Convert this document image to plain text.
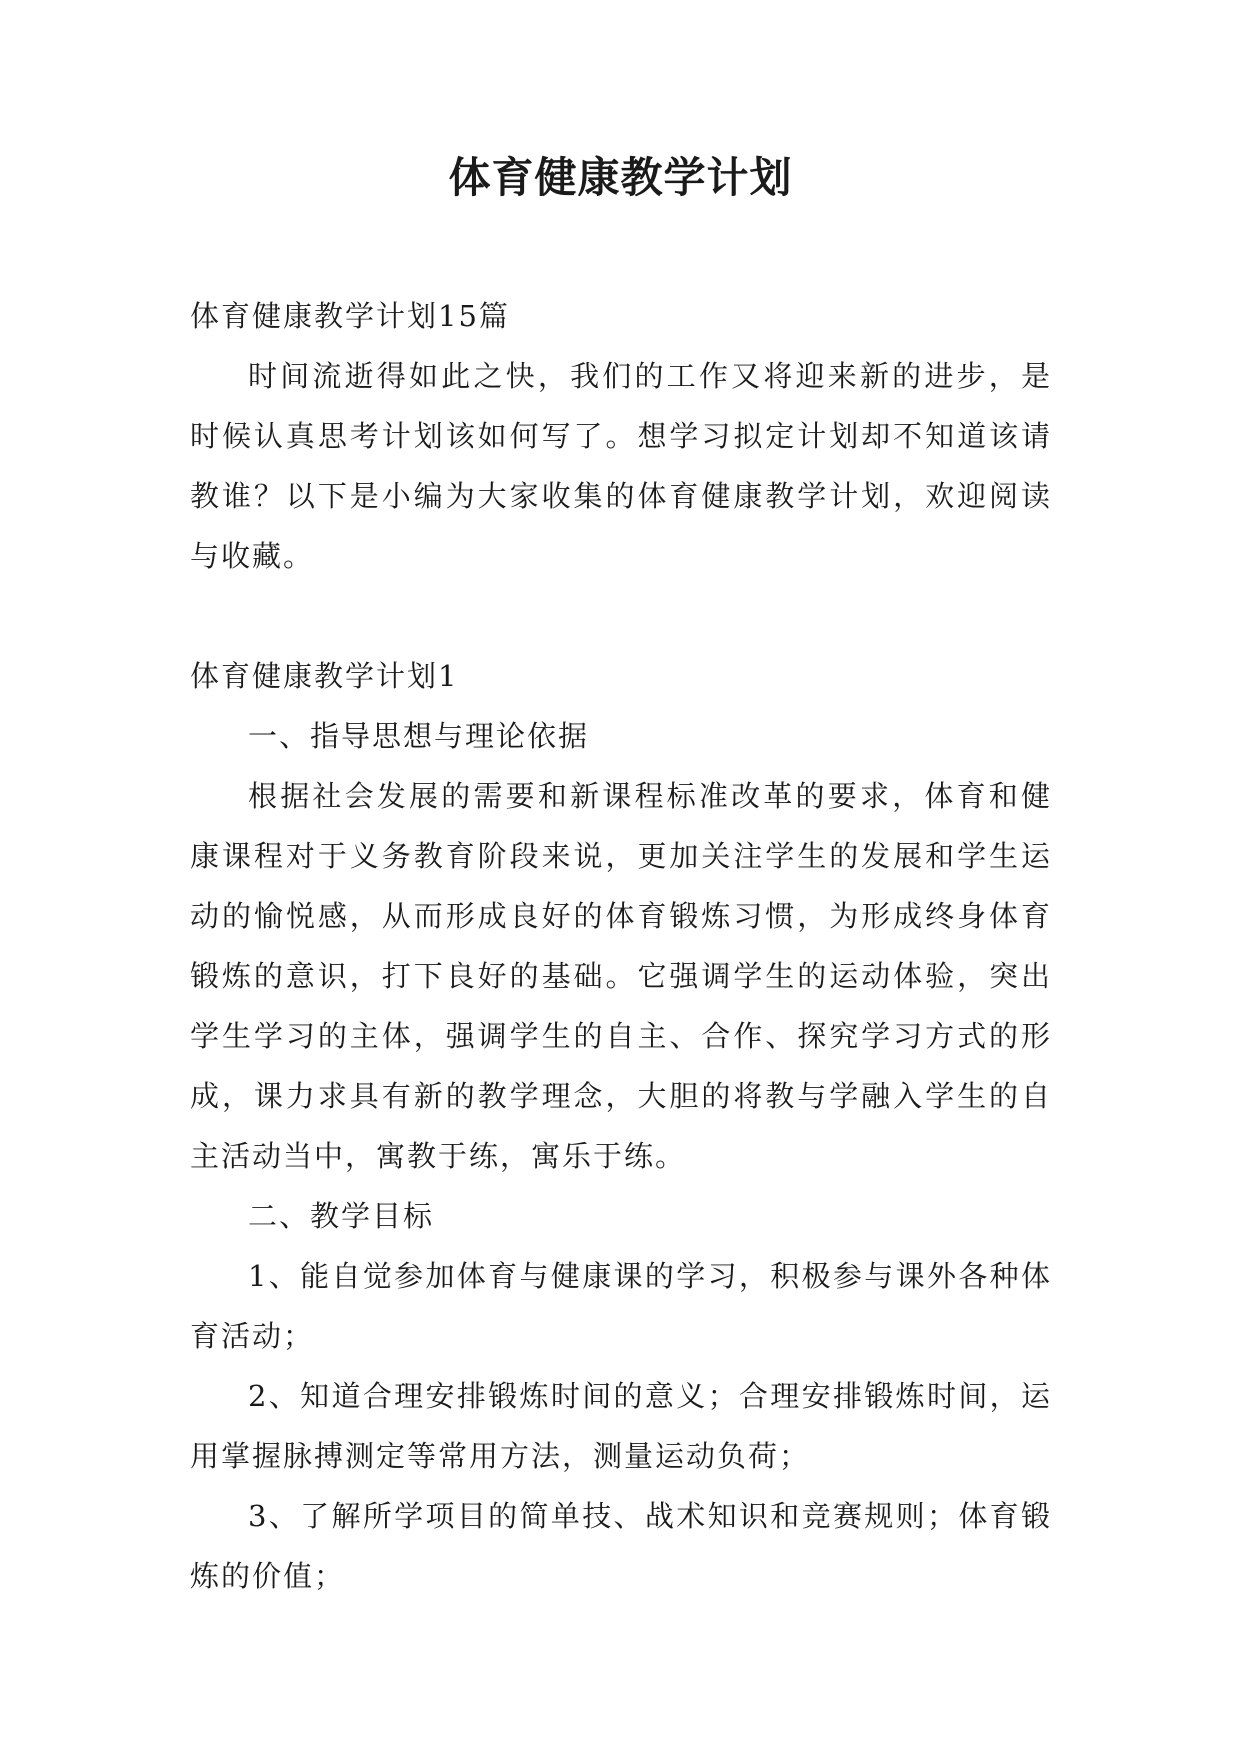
体育健康教学计划

体育健康教学计划15篇

时间流逝得如此之快，我们的工作又将迎来新的进步，是时候认真思考计划该如何写了。想学习拟定计划却不知道该请教谁？以下是小编为大家收集的体育健康教学计划，欢迎阅读与收藏。

体育健康教学计划1

一、指导思想与理论依据

根据社会发展的需要和新课程标准改革的要求，体育和健康课程对于义务教育阶段来说，更加关注学生的发展和学生运动的愉悦感，从而形成良好的体育锻炼习惯，为形成终身体育锻炼的意识，打下良好的基础。它强调学生的运动体验，突出学生学习的主体，强调学生的自主、合作、探究学习方式的形成，课力求具有新的教学理念，大胆的将教与学融入学生的自主活动当中，寓教于练，寓乐于练。

二、教学目标

1、能自觉参加体育与健康课的学习，积极参与课外各种体育活动；

2、知道合理安排锻炼时间的意义；合理安排锻炼时间，运用掌握脉搏测定等常用方法，测量运动负荷；

3、了解所学项目的简单技、战术知识和竞赛规则；体育锻炼的价值；
